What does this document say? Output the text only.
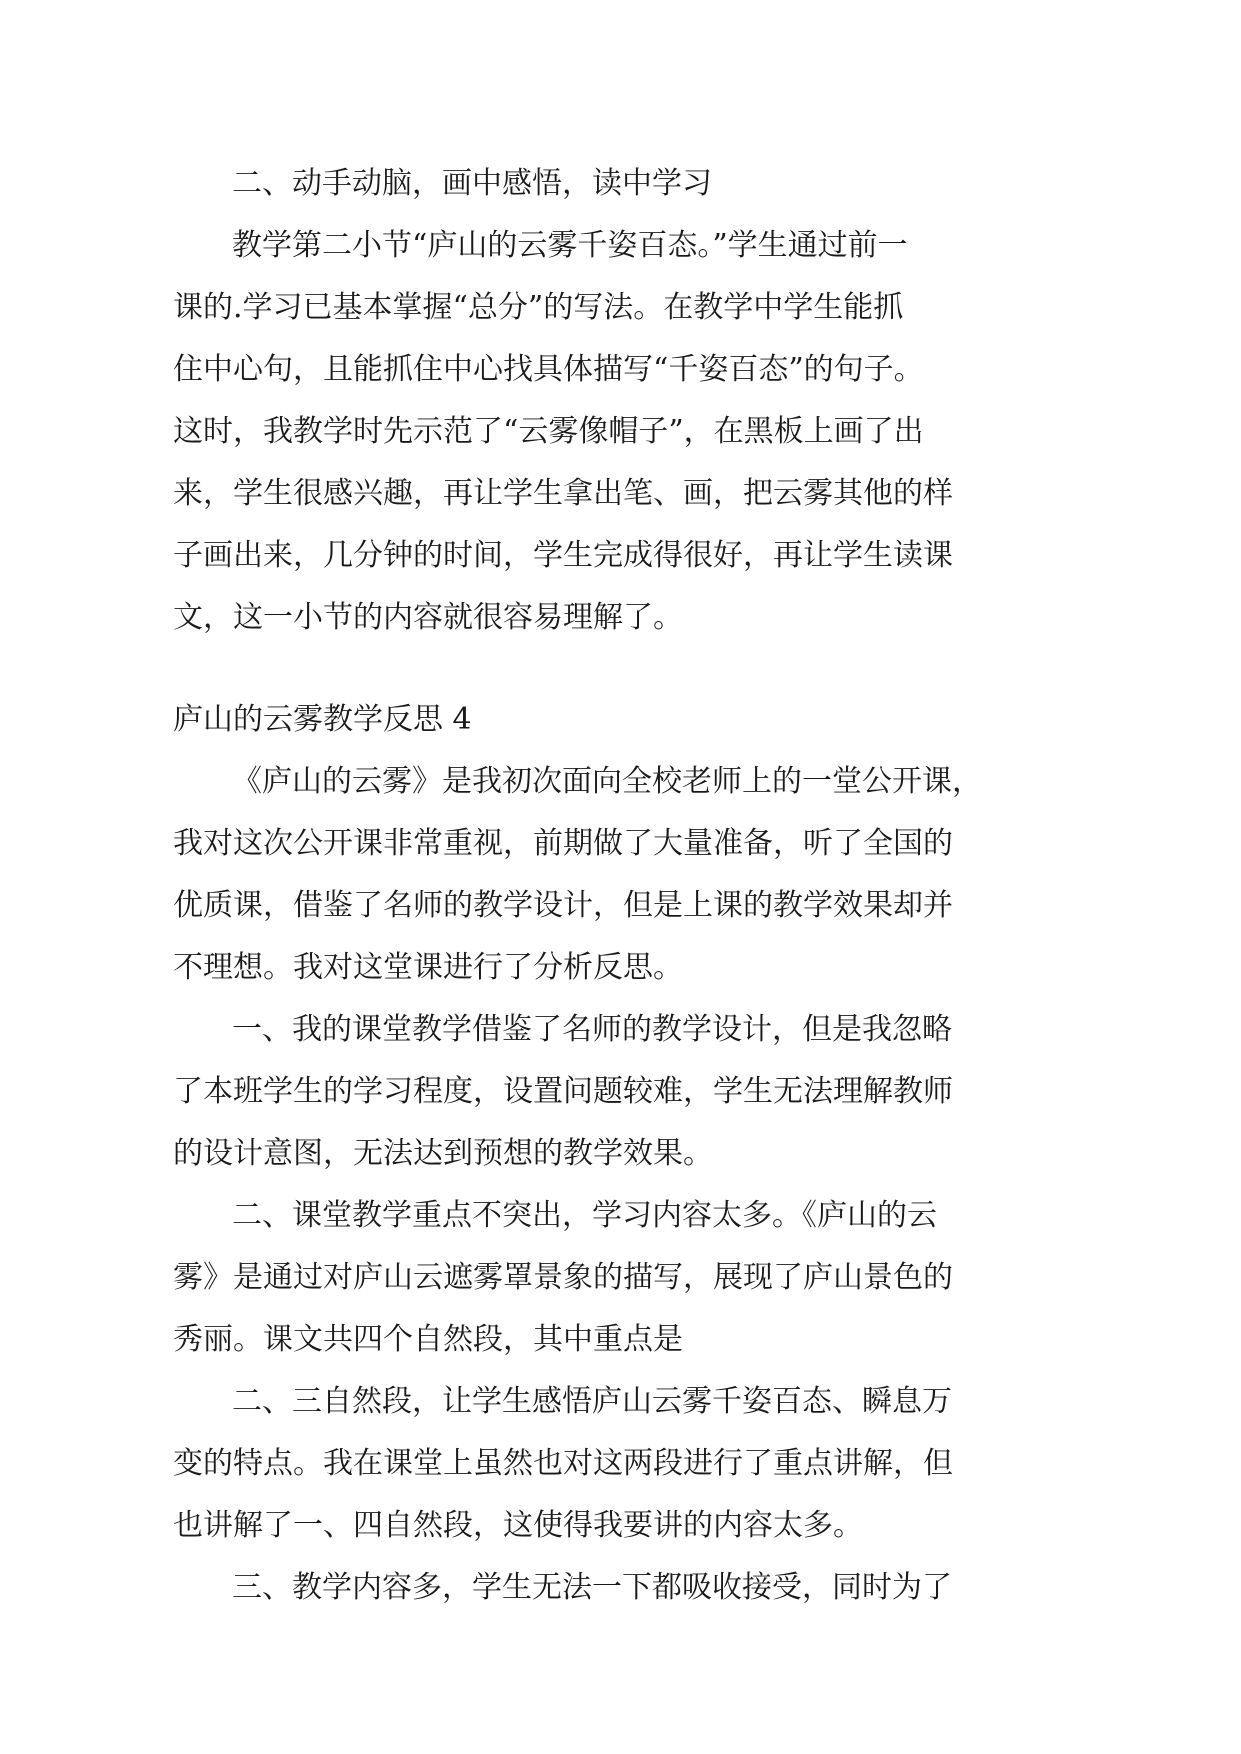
二、动手动脑，画中感悟，读中学习
教学第二小节“庐山的云雾千姿百态。”学生通过前一
课的.学习已基本掌握“总分”的写法。在教学中学生能抓
住中心句，且能抓住中心找具体描写“千姿百态”的句子。
这时，我教学时先示范了“云雾像帽子”，在黑板上画了出
来，学生很感兴趣，再让学生拿出笔、画，把云雾其他的样
子画出来，几分钟的时间，学生完成得很好，再让学生读课
文，这一小节的内容就很容易理解了。
庐山的云雾教学反思 4
《庐山的云雾》是我初次面向全校老师上的一堂公开课，
我对这次公开课非常重视，前期做了大量准备，听了全国的
优质课，借鉴了名师的教学设计，但是上课的教学效果却并
不理想。我对这堂课进行了分析反思。
一、我的课堂教学借鉴了名师的教学设计，但是我忽略
了本班学生的学习程度，设置问题较难，学生无法理解教师
的设计意图，无法达到预想的教学效果。
二、课堂教学重点不突出，学习内容太多。《庐山的云
雾》是通过对庐山云遮雾罩景象的描写，展现了庐山景色的
秀丽。课文共四个自然段，其中重点是
二、三自然段，让学生感悟庐山云雾千姿百态、瞬息万
变的特点。我在课堂上虽然也对这两段进行了重点讲解，但
也讲解了一、四自然段，这使得我要讲的内容太多。
三、教学内容多，学生无法一下都吸收接受，同时为了
